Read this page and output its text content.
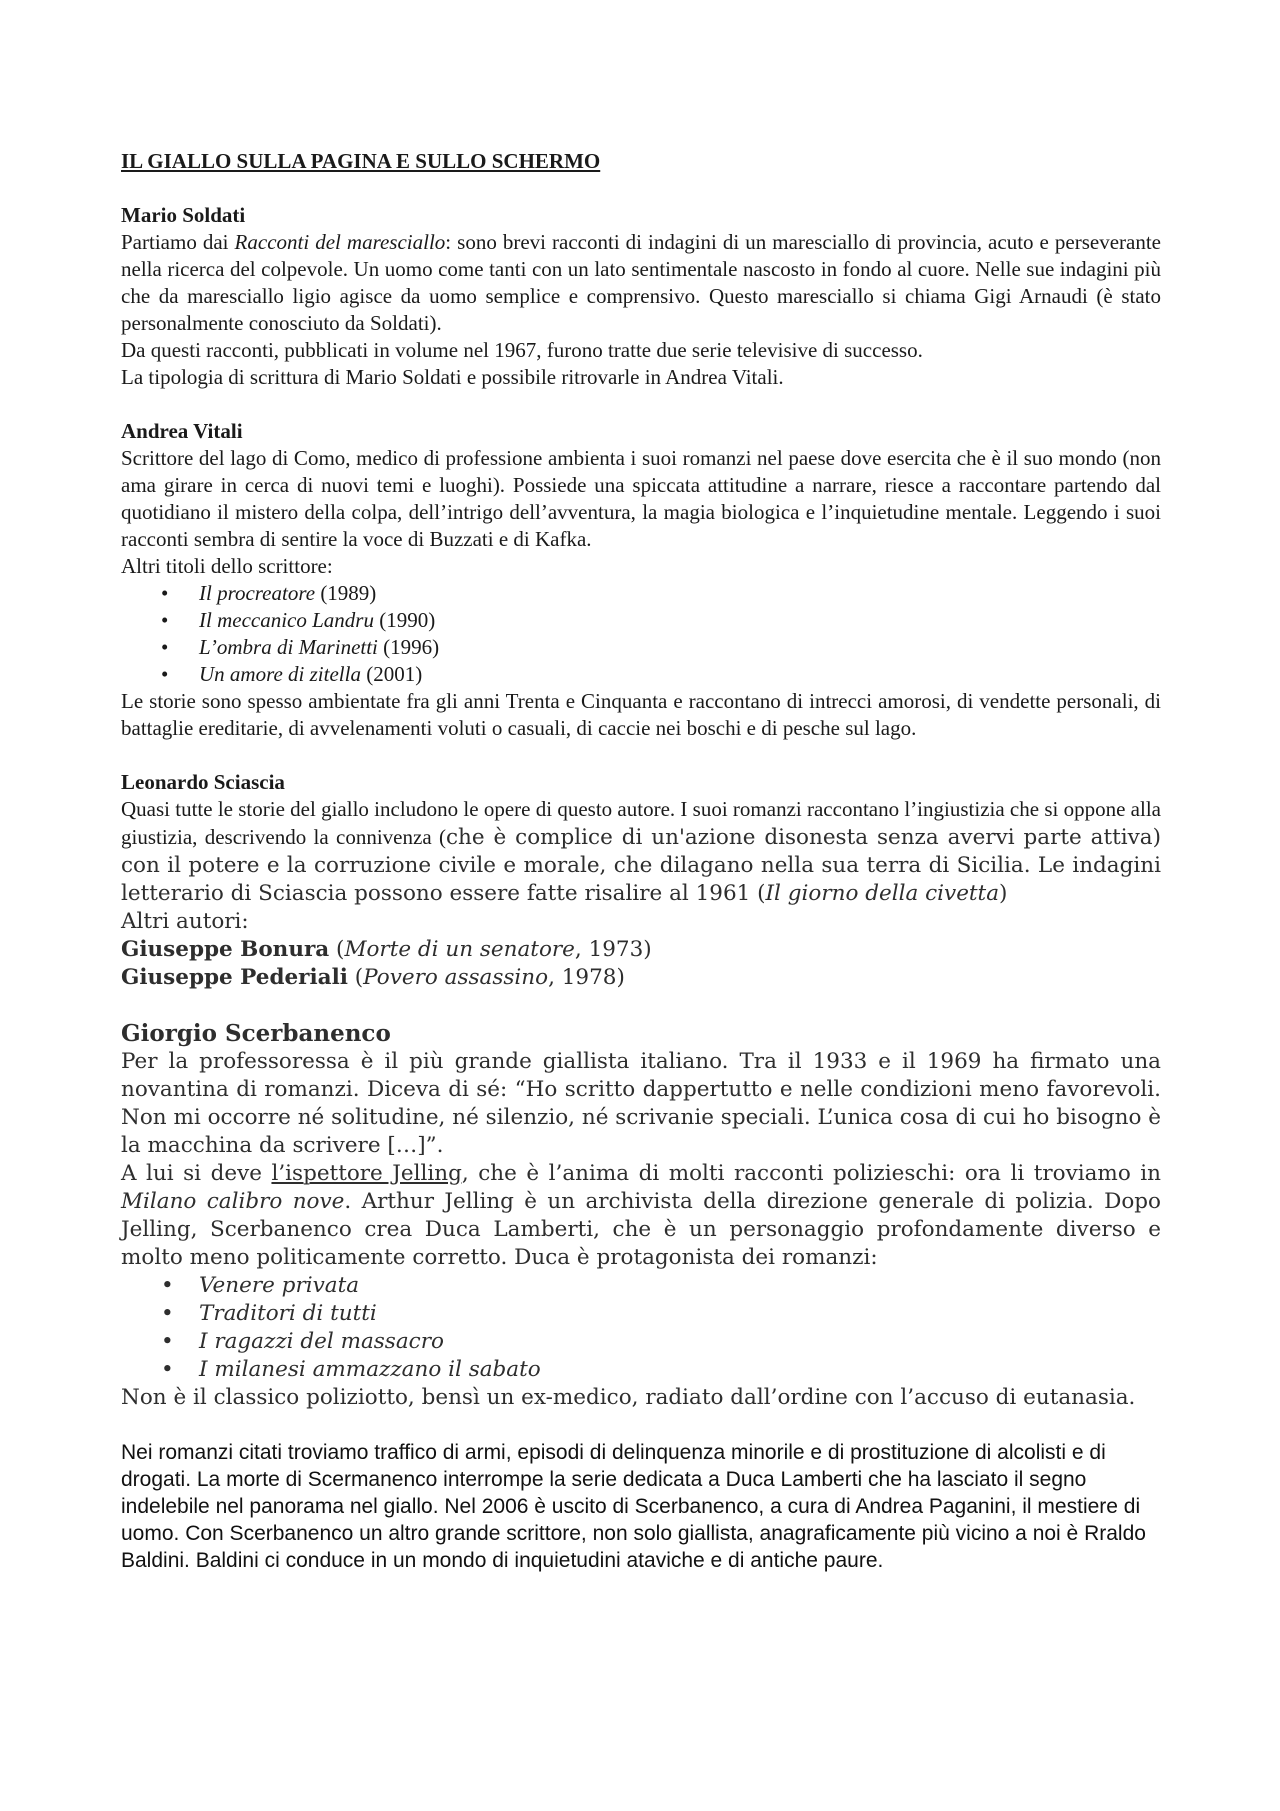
IL GIALLO SULLA PAGINA E SULLO SCHERMO

Mario Soldati

Partiamo dai Racconti del maresciallo: sono brevi racconti di indagini di un maresciallo di provincia, acuto e perseverante nella ricerca del colpevole. Un uomo come tanti con un lato sentimentale nascosto in fondo al cuore. Nelle sue indagini più che da maresciallo ligio agisce da uomo semplice e comprensivo. Questo maresciallo si chiama Gigi Arnaudi (è stato personalmente conosciuto da Soldati).

Da questi racconti, pubblicati in volume nel 1967, furono tratte due serie televisive di successo.

La tipologia di scrittura di Mario Soldati e possibile ritrovarle in Andrea Vitali.

Andrea Vitali

Scrittore del lago di Como, medico di professione ambienta i suoi romanzi nel paese dove esercita che è il suo mondo (non ama girare in cerca di nuovi temi e luoghi). Possiede una spiccata attitudine a narrare, riesce a raccontare partendo dal quotidiano il mistero della colpa, dell’intrigo dell’avventura, la magia biologica e l’inquietudine mentale. Leggendo i suoi racconti sembra di sentire la voce di Buzzati e di Kafka.

Altri titoli dello scrittore:

• Il procreatore (1989)
• Il meccanico Landru (1990)
• L’ombra di Marinetti (1996)
• Un amore di zitella (2001)

Le storie sono spesso ambientate fra gli anni Trenta e Cinquanta e raccontano di intrecci amorosi, di vendette personali, di battaglie ereditarie, di avvelenamenti voluti o casuali, di caccie nei boschi e di pesche sul lago.

Leonardo Sciascia

Quasi tutte le storie del giallo includono le opere di questo autore. I suoi romanzi raccontano l’ingiustizia che si oppone alla giustizia, descrivendo la connivenza (che è complice di un'azione disonesta senza avervi parte attiva) con il potere e la corruzione civile e morale, che dilagano nella sua terra di Sicilia. Le indagini letterario di Sciascia possono essere fatte risalire al 1961 (Il giorno della civetta)

Altri autori:

Giuseppe Bonura (Morte di un senatore, 1973)

Giuseppe Pederiali (Povero assassino, 1978)

Giorgio Scerbanenco

Per la professoressa è il più grande giallista italiano. Tra il 1933 e il 1969 ha firmato una novantina di romanzi. Diceva di sé: “Ho scritto dappertutto e nelle condizioni meno favorevoli. Non mi occorre né solitudine, né silenzio, né scrivanie speciali. L’unica cosa di cui ho bisogno è la macchina da scrivere […]”.

A lui si deve l’ispettore Jelling, che è l’anima di molti racconti polizieschi: ora li troviamo in Milano calibro nove. Arthur Jelling è un archivista della direzione generale di polizia. Dopo Jelling, Scerbanenco crea Duca Lamberti, che è un personaggio profondamente diverso e molto meno politicamente corretto. Duca è protagonista dei romanzi:

• Venere privata
• Traditori di tutti
• I ragazzi del massacro
• I milanesi ammazzano il sabato

Non è il classico poliziotto, bensì un ex-medico, radiato dall’ordine con l’accuso di eutanasia.

Nei romanzi citati troviamo traffico di armi, episodi di delinquenza minorile e di prostituzione di alcolisti e di drogati. La morte di Scermanenco interrompe la serie dedicata a Duca Lamberti che ha lasciato il segno indelebile nel panorama nel giallo. Nel 2006 è uscito di Scerbanenco, a cura di Andrea Paganini, il mestiere di uomo. Con Scerbanenco un altro grande scrittore, non solo giallista, anagraficamente più vicino a noi è Rraldo Baldini. Baldini ci conduce in un mondo di inquietudini ataviche e di antiche paure.
